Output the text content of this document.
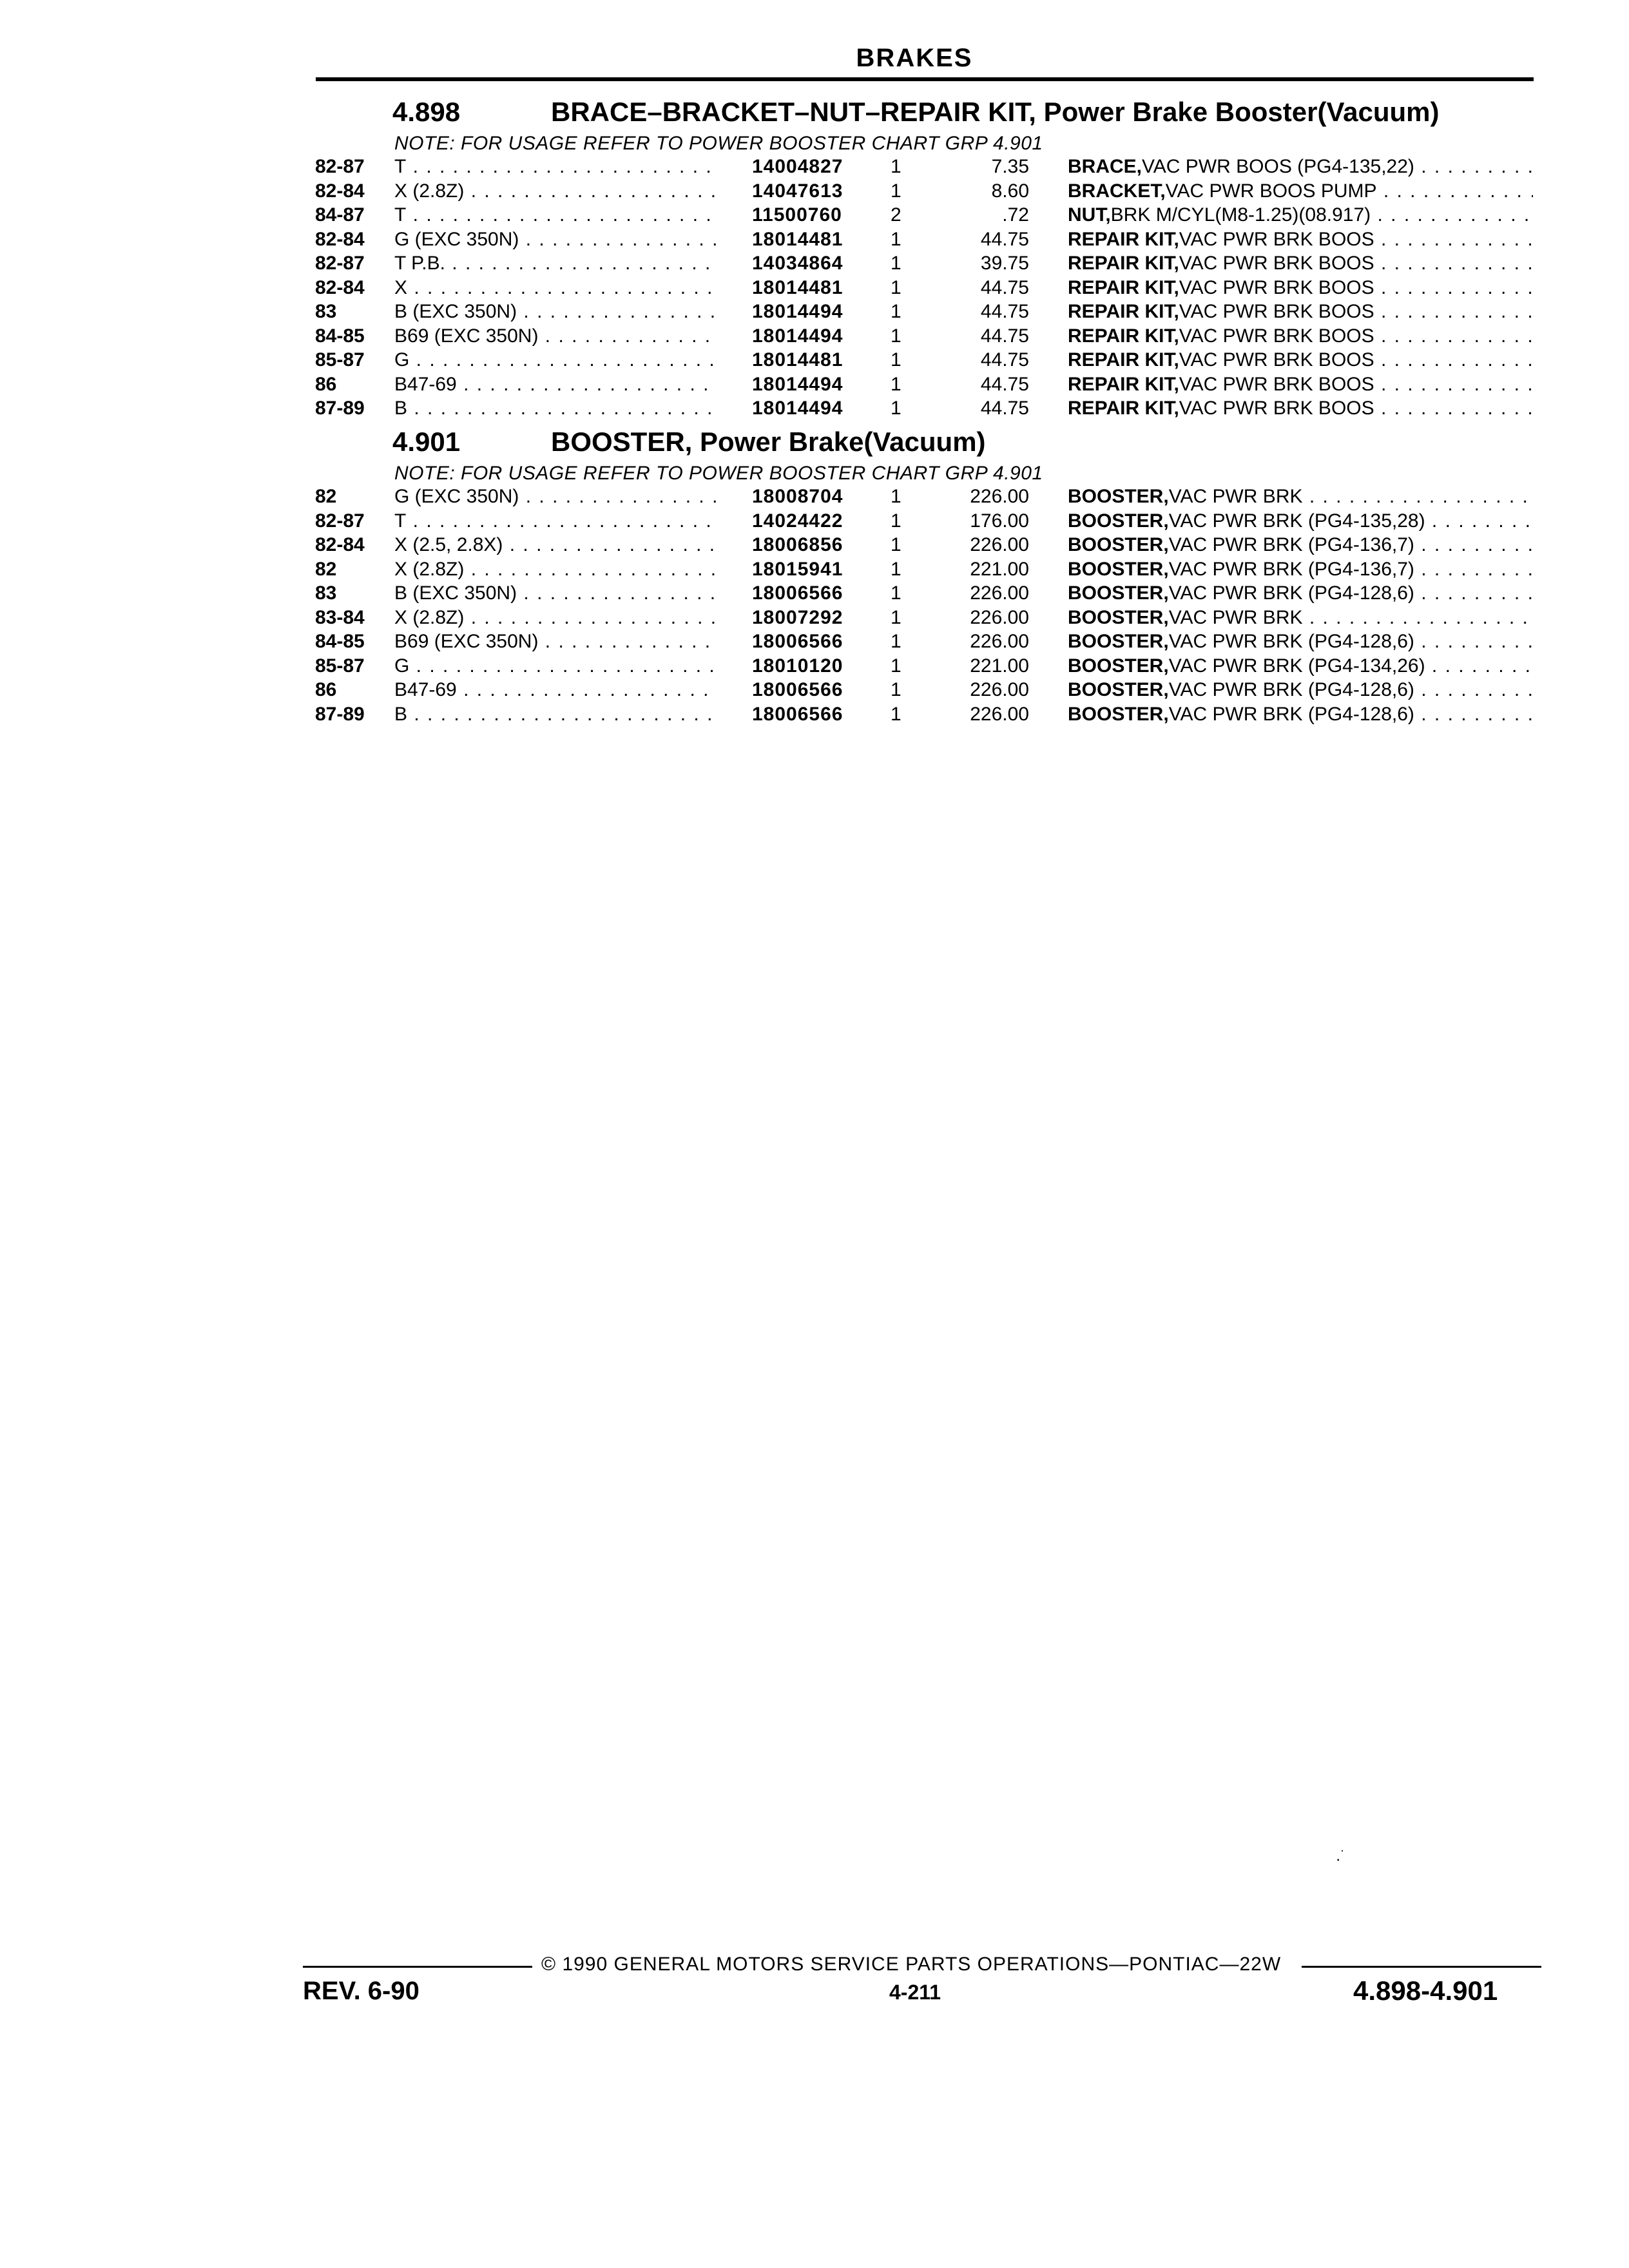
BRAKES
4.898	BRACE–BRACKET–NUT–REPAIR KIT, Power Brake Booster(Vacuum)
NOTE: FOR USAGE REFER TO POWER BOOSTER CHART GRP 4.901
82-87	T . . .	14004827	1	7.35 BRACE, VAC PWR BOOS (PG4-135,22) . . .
82-84	X (2.8Z) . . .	14047613	1	8.60 BRACKET, VAC PWR BOOS PUMP . . .
84-87	T . . .	11500760	2	.72 NUT, BRK M/CYL(M8-1.25)(08.917) . . .
82-84	G (EXC 350N) . . .	18014481	1	44.75 REPAIR KIT, VAC PWR BRK BOOS . . .
82-87	T P.B. . . .	14034864	1	39.75 REPAIR KIT, VAC PWR BRK BOOS . . .
82-84	X . . .	18014481	1	44.75 REPAIR KIT, VAC PWR BRK BOOS . . .
83	B (EXC 350N) . . .	18014494	1	44.75 REPAIR KIT, VAC PWR BRK BOOS . . .
84-85	B69 (EXC 350N) . . .	18014494	1	44.75 REPAIR KIT, VAC PWR BRK BOOS . . .
85-87	G . . .	18014481	1	44.75 REPAIR KIT, VAC PWR BRK BOOS . . .
86	B47-69 . . .	18014494	1	44.75 REPAIR KIT, VAC PWR BRK BOOS . . .
87-89	B . . .	18014494	1	44.75 REPAIR KIT, VAC PWR BRK BOOS . . .
4.901	BOOSTER, Power Brake(Vacuum)
NOTE: FOR USAGE REFER TO POWER BOOSTER CHART GRP 4.901
82	G (EXC 350N) . . .	18008704	1	226.00 BOOSTER, VAC PWR BRK . . .
82-87	T . . .	14024422	1	176.00 BOOSTER, VAC PWR BRK (PG4-135,28) . . .
82-84	X (2.5, 2.8X) . . .	18006856	1	226.00 BOOSTER, VAC PWR BRK (PG4-136,7) . . .
82	X (2.8Z) . . .	18015941	1	221.00 BOOSTER, VAC PWR BRK (PG4-136,7) . . .
83	B (EXC 350N) . . .	18006566	1	226.00 BOOSTER, VAC PWR BRK (PG4-128,6) . . .
83-84	X (2.8Z) . . .	18007292	1	226.00 BOOSTER, VAC PWR BRK . . .
84-85	B69 (EXC 350N) . . .	18006566	1	226.00 BOOSTER, VAC PWR BRK (PG4-128,6) . . .
85-87	G . . .	18010120	1	221.00 BOOSTER, VAC PWR BRK (PG4-134,26) . . .
86	B47-69 . . .	18006566	1	226.00 BOOSTER, VAC PWR BRK (PG4-128,6) . . .
87-89	B . . .	18006566	1	226.00 BOOSTER, VAC PWR BRK (PG4-128,6) . . .
․˙
© 1990 GENERAL MOTORS SERVICE PARTS OPERATIONS—PONTIAC—22W
REV. 6-90	4-211	4.898-4.901
